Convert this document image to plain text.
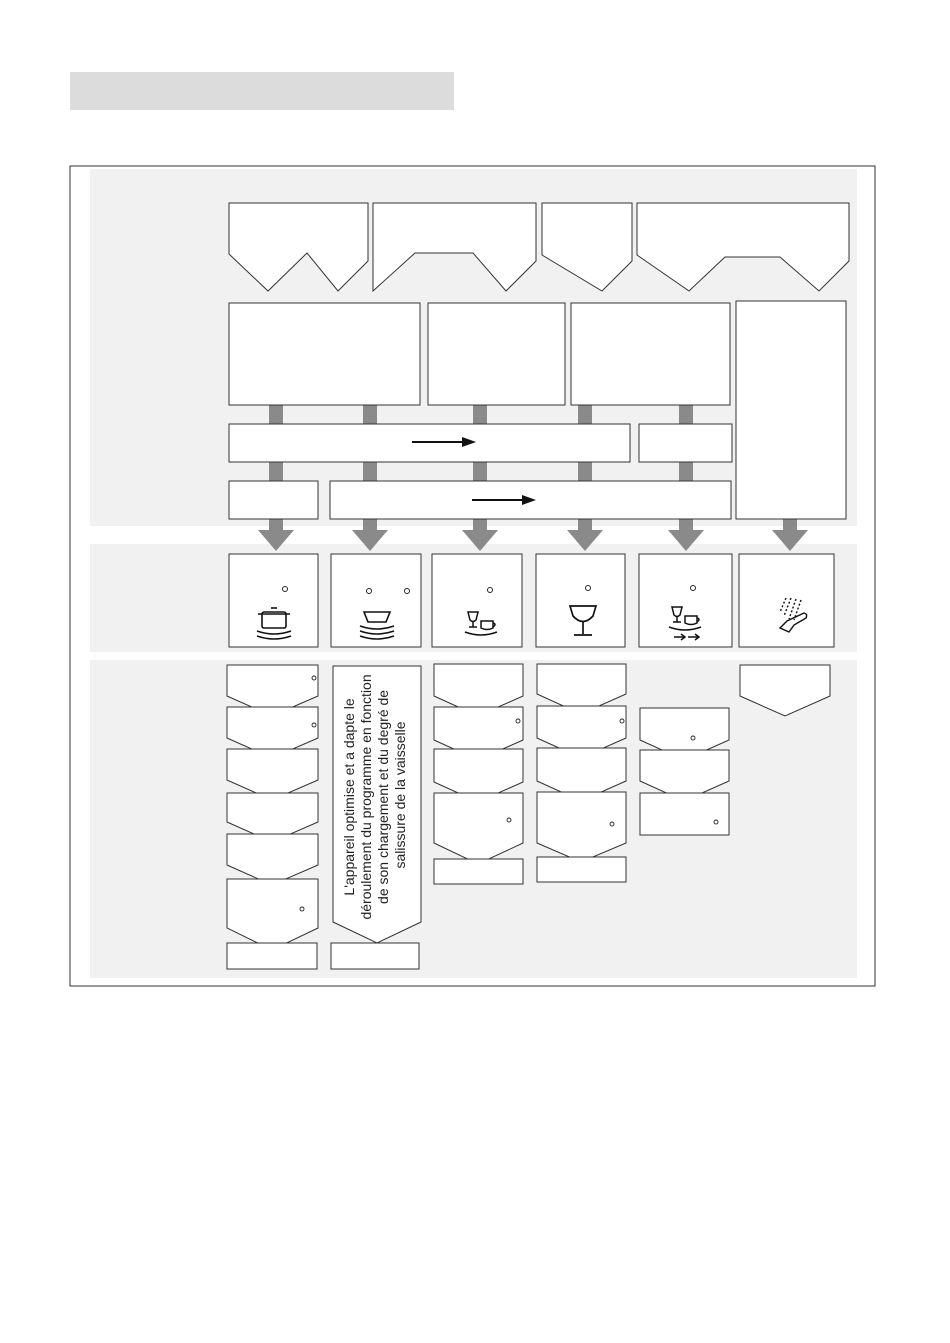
L'appareil optimise et a dapte le déroulement du programme en fonction de son chargement et du degré de salissure de la vaisselle
